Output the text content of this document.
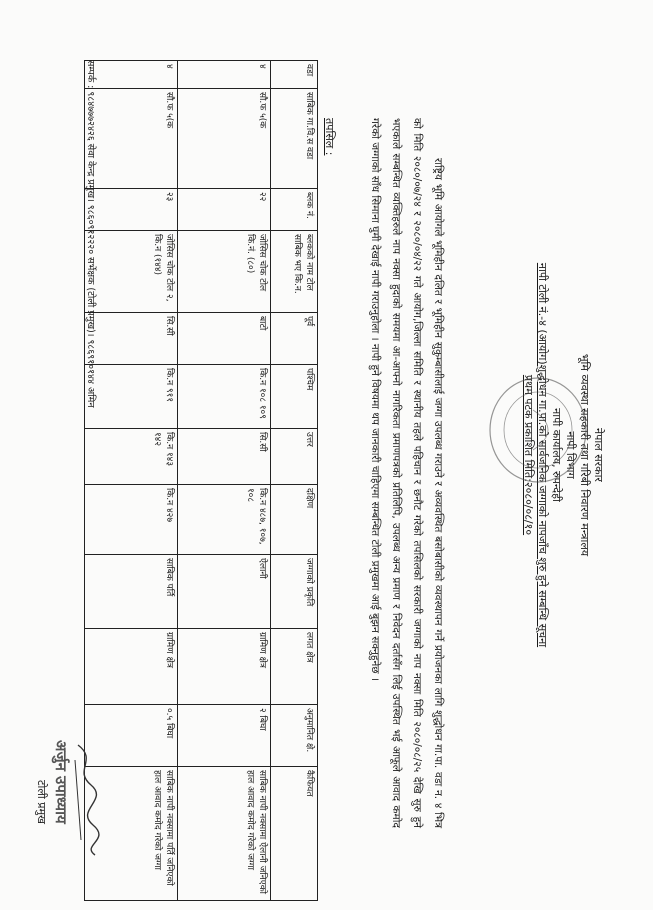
नेपाल सरकार
भूमि व्यवस्था सहकारी तथा गरिबी निवारण मन्त्रालय
नापी विभाग
नापी कार्यालय, रुपन्देही
नापी टोली नं.-४ (आयोग)शुद्धोधन गा.पा.को सार्वजनिक जग्गाको नापजाँच शुरु हुने सम्बन्धि सूचना
प्रथम पटक प्रकाशित मिति:२०८०/०८/१०
राष्ट्रिय भूमि आयोगले भूमिहीन दलित र भूमिहीन सुकुम्बासीलाई जग्गा उपलब्ध गराउने र अव्यवस्थित बसोबासीको व्यवस्थापन गर्ने प्रयोजनका लागि शुद्धोधन गा.पा. वडा न. ४ भित्र को मिति २०८०/०७/२४ र २०८०/०४/२२ गते आयोग,जिल्ला समिति र स्थानीय तहले पहिचान र छनौट गरेको तपसिलको सरकारी जग्गाको नाप नक्सा मिति २०८०/०८/२५ देखि सुरु हुने भएकाले सम्बन्धित व्यक्तिहरुले नाप नक्सा हुदाको समयमा आ-आफ्नो नागरिकता प्रमाणपत्रको प्रतिलिपि, उपलब्ध अन्य प्रमाण र निवेदन दर्तासँग लिई उपस्थित भई आफूले आवाद कमोद गरेको जग्गाको साँध सिमाना घुमी देखाई नापी गराउनुहोला । नापी हुने विषयमा थप जानकारी चाहिएमा सम्बन्धित टोली प्रमुखमा आई बुझन सक्नुहुनेछ ।
तपसिल :
वडा	साबिक गा.वि.स वडा	ब्लक नं.	ब्लकको नाम टोल साबिक भए कि.न.	पूर्व	पश्चिम	उत्तर	दक्षिण	जग्गाको प्रकृति	लगत क्षेत्र	अनुमानित क्षे.	कैफियत
४	सौ.फ ५(क	२२	जोसिस चोक टोल कि.नं. (८०)	बाटो	कि.न १०८ १०९	सि.सी	कि.न ४८७, १०७, १०८	ऐलानी	ग्रामिण क्षेत्र	२ बिघा	साबिक नापी नक्सामा ऐलानी जनिएको हाल आवाद कमोद गरेको जग्गा
४	सौ.फ ५(क	२३	जोसिस चोक टोल २, कि.न (१४४)	सि.सी	कि.न ९११	कि.न १४३ १४२	कि.न ४२७	साबिक पर्ति	ग्रामिण क्षेत्र	०.५ बिघा	साबिक नापी नक्सामा पर्ति जनिएको हाल आवाद कमोद गरेको जग्गा
सम्पर्क : ९८४७७७२४२६ सेवा केन्द्र प्रमुख। ९८६०९१२२२० सर्भेक्षक (टोली प्रमुख)। ९८६९१०१४४ अमिन
अर्जुन उपाध्याय
टोली प्रमुख
